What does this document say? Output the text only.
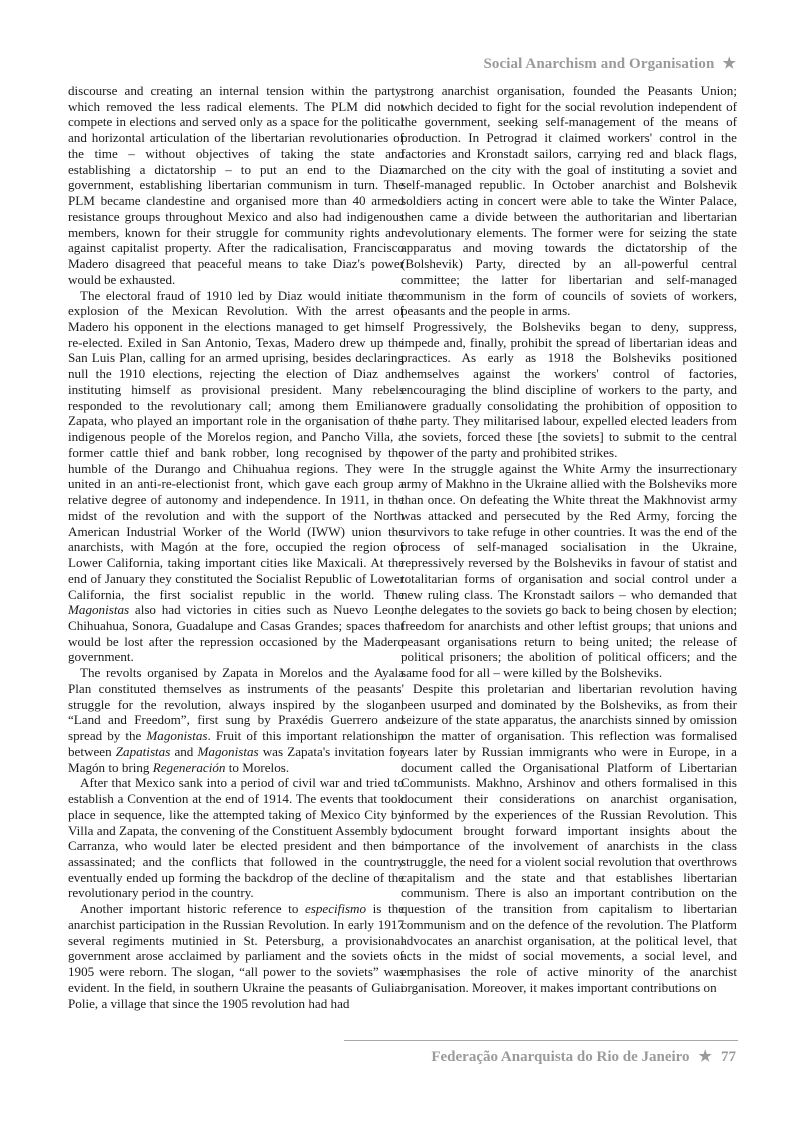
Social Anarchism and Organisation ★

discourse and creating an internal tension within the party, which removed the less radical elements. The PLM did not compete in elections and served only as a space for the political and horizontal articulation of the libertarian revolutionaries of the time – without objectives of taking the state and establishing a dictatorship – to put an end to the Diaz government, establishing libertarian communism in turn. The PLM became clandestine and organised more than 40 armed resistance groups throughout Mexico and also had indigenous members, known for their struggle for community rights and against capitalist property. After the radicalisation, Francisco Madero disagreed that peaceful means to take Diaz's power would be exhausted.

The electoral fraud of 1910 led by Diaz would initiate the explosion of the Mexican Revolution. With the arrest of Madero his opponent in the elections managed to get himself re-elected. Exiled in San Antonio, Texas, Madero drew up the San Luis Plan, calling for an armed uprising, besides declaring null the 1910 elections, rejecting the election of Diaz and instituting himself as provisional president. Many rebels responded to the revolutionary call; among them Emiliano Zapata, who played an important role in the organisation of the indigenous people of the Morelos region, and Pancho Villa, a former cattle thief and bank robber, long recognised by the humble of the Durango and Chihuahua regions. They were united in an anti-re-electionist front, which gave each group a relative degree of autonomy and independence. In 1911, in the midst of the revolution and with the support of the North American Industrial Worker of the World (IWW) union the anarchists, with Magón at the fore, occupied the region of Lower California, taking important cities like Maxicali. At the end of January they constituted the Socialist Republic of Lower California, the first socialist republic in the world. The Magonistas also had victories in cities such as Nuevo Leon, Chihuahua, Sonora, Guadalupe and Casas Grandes; spaces that would be lost after the repression occasioned by the Madero government.

The revolts organised by Zapata in Morelos and the Ayala Plan constituted themselves as instruments of the peasants' struggle for the revolution, always inspired by the slogan, “Land and Freedom”, first sung by Praxédis Guerrero and spread by the Magonistas. Fruit of this important relationship between Zapatistas and Magonistas was Zapata's invitation for Magón to bring Regeneración to Morelos.

After that Mexico sank into a period of civil war and tried to establish a Convention at the end of 1914. The events that took place in sequence, like the attempted taking of Mexico City by Villa and Zapata, the convening of the Constituent Assembly by Carranza, who would later be elected president and then be assassinated; and the conflicts that followed in the country eventually ended up forming the backdrop of the decline of the revolutionary period in the country.

Another important historic reference to especifismo is the anarchist participation in the Russian Revolution. In early 1917 several regiments mutinied in St. Petersburg, a provisional government arose acclaimed by parliament and the soviets of 1905 were reborn. The slogan, “all power to the soviets” was evident. In the field, in southern Ukraine the peasants of Guliai Polie, a village that since the 1905 revolution had had

strong anarchist organisation, founded the Peasants Union; which decided to fight for the social revolution independent of the government, seeking self-management of the means of production. In Petrograd it claimed workers' control in the factories and Kronstadt sailors, carrying red and black flags, marched on the city with the goal of instituting a soviet and self-managed republic. In October anarchist and Bolshevik soldiers acting in concert were able to take the Winter Palace, then came a divide between the authoritarian and libertarian revolutionary elements. The former were for seizing the state apparatus and moving towards the dictatorship of the (Bolshevik) Party, directed by an all-powerful central committee; the latter for libertarian and self-managed communism in the form of councils of soviets of workers, peasants and the people in arms.

Progressively, the Bolsheviks began to deny, suppress, impede and, finally, prohibit the spread of libertarian ideas and practices. As early as 1918 the Bolsheviks positioned themselves against the workers' control of factories, encouraging the blind discipline of workers to the party, and were gradually consolidating the prohibition of opposition to the party. They militarised labour, expelled elected leaders from the soviets, forced these [the soviets] to submit to the central power of the party and prohibited strikes.

In the struggle against the White Army the insurrectionary army of Makhno in the Ukraine allied with the Bolsheviks more than once. On defeating the White threat the Makhnovist army was attacked and persecuted by the Red Army, forcing the survivors to take refuge in other countries. It was the end of the process of self-managed socialisation in the Ukraine, repressively reversed by the Bolsheviks in favour of statist and totalitarian forms of organisation and social control under a new ruling class. The Kronstadt sailors – who demanded that the delegates to the soviets go back to being chosen by election; freedom for anarchists and other leftist groups; that unions and peasant organisations return to being united; the release of political prisoners; the abolition of political officers; and the same food for all – were killed by the Bolsheviks.

Despite this proletarian and libertarian revolution having been usurped and dominated by the Bolsheviks, as from their seizure of the state apparatus, the anarchists sinned by omission on the matter of organisation. This reflection was formalised years later by Russian immigrants who were in Europe, in a document called the Organisational Platform of Libertarian Communists. Makhno, Arshinov and others formalised in this document their considerations on anarchist organisation, informed by the experiences of the Russian Revolution. This document brought forward important insights about the importance of the involvement of anarchists in the class struggle, the need for a violent social revolution that overthrows capitalism and the state and that establishes libertarian communism. There is also an important contribution on the question of the transition from capitalism to libertarian communism and on the defence of the revolution. The Platform advocates an anarchist organisation, at the political level, that acts in the midst of social movements, a social level, and emphasises the role of active minority of the anarchist organisation. Moreover, it makes important contributions on

Federação Anarquista do Rio de Janeiro ★ 77
